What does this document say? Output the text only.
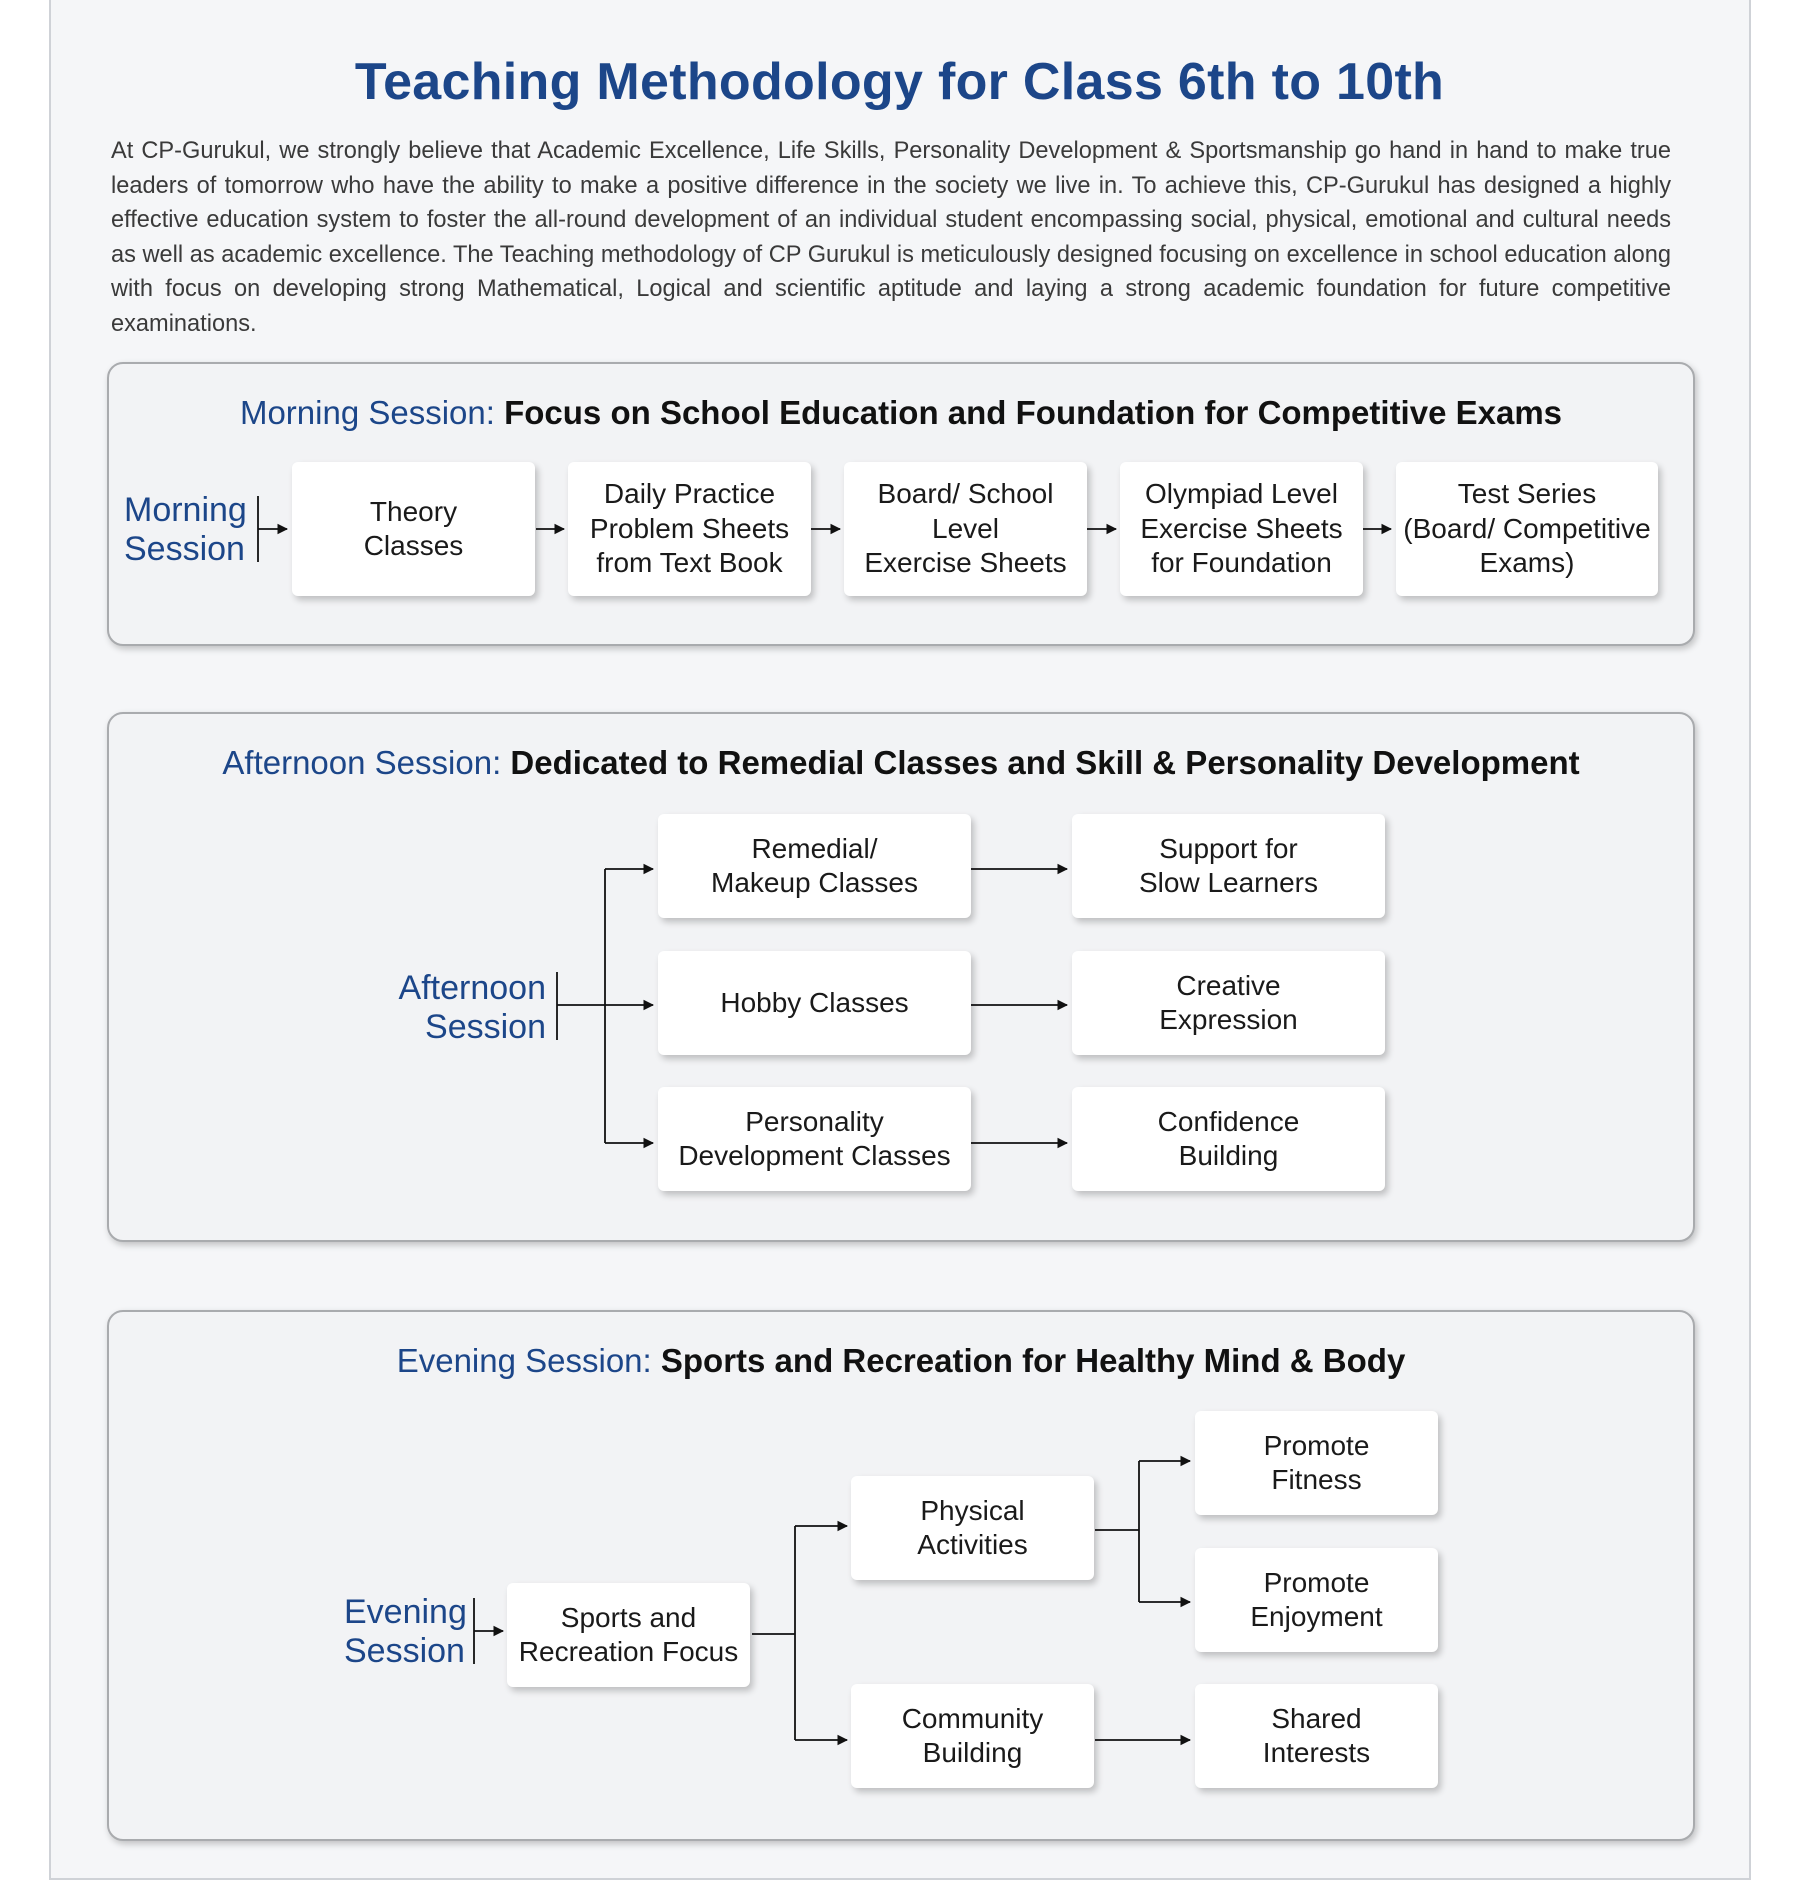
Teaching Methodology for Class 6th to 10th

At CP-Gurukul, we strongly believe that Academic Excellence, Life Skills, Personality Development & Sportsmanship go hand in hand to make true leaders of tomorrow who have the ability to make a positive difference in the society we live in. To achieve this, CP-Gurukul has designed a highly effective education system to foster the all-round development of an individual student encompassing social, physical, emotional and cultural needs as well as academic excellence. The Teaching methodology of CP Gurukul is meticulously designed focusing on excellence in school education along with focus on developing strong Mathematical, Logical and scientific aptitude and laying a strong academic foundation for future competitive examinations.

Morning Session: Focus on School Education and Foundation for Competitive Exams
Afternoon Session: Dedicated to Remedial Classes and Skill & Personality Development
Evening Session: Sports and Recreation for Healthy Mind & Body
Morning
Session
Theory
Classes
Daily Practice
Problem Sheets
from Text Book
Board/ School
Level
Exercise Sheets
Olympiad Level
Exercise Sheets
for Foundation
Test Series
(Board/ Competitive
Exams)
Afternoon
Session
Remedial/
Makeup Classes
Hobby Classes
Personality
Development Classes
Support for
Slow Learners
Creative
Expression
Confidence
Building
Evening
Session
Sports and
Recreation Focus
Physical
Activities
Community
Building
Promote
Fitness
Promote
Enjoyment
Shared
Interests
